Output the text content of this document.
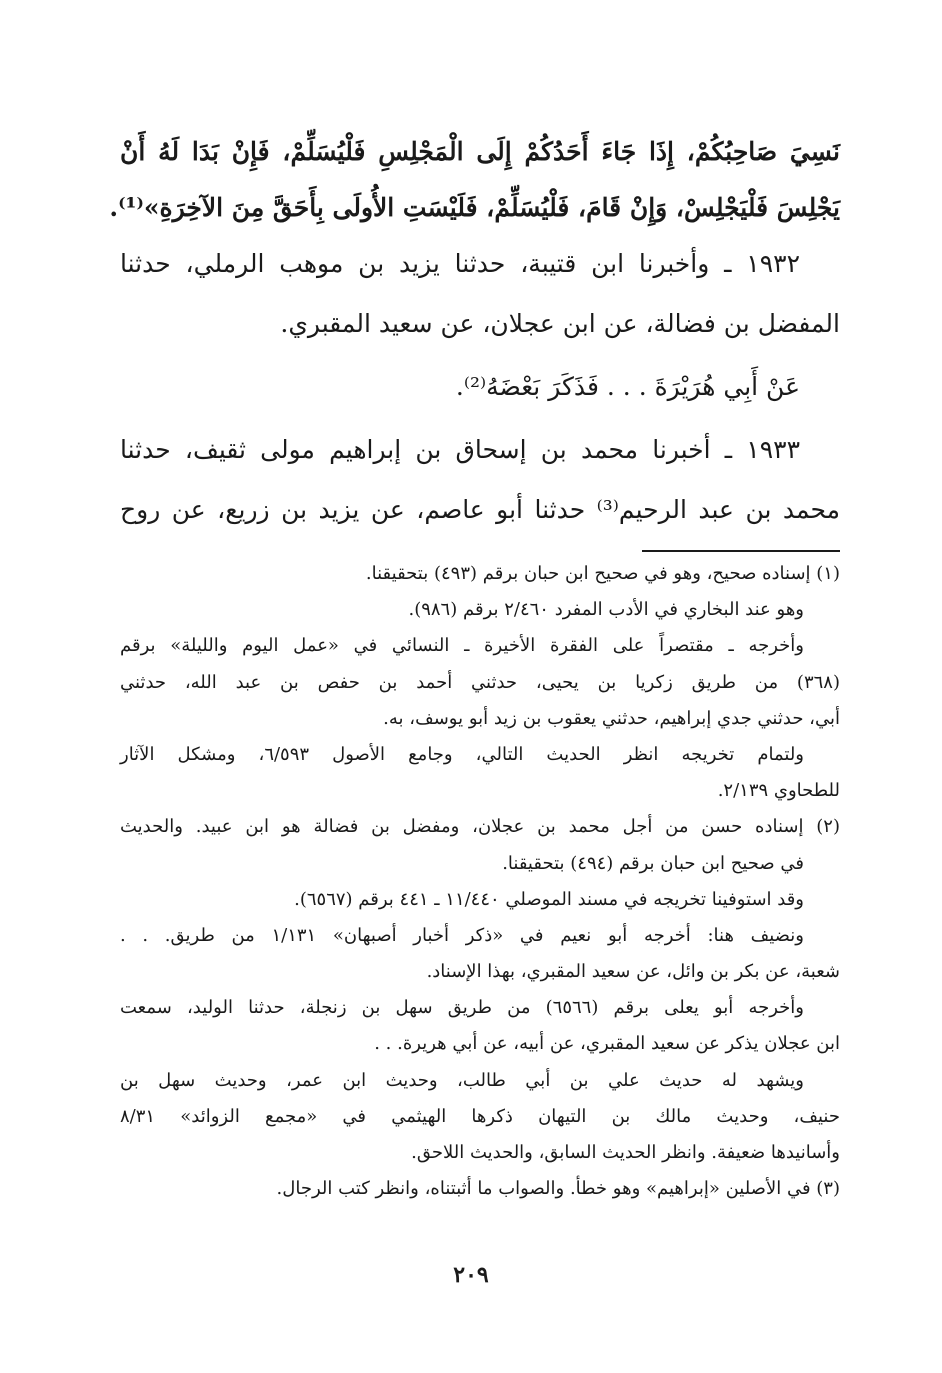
نَسِيَ صَاحِبُكُمْ، إِذَا جَاءَ أَحَدُكُمْ إِلَى الْمَجْلِسِ فَلْيُسَلِّمْ، فَإِنْ بَدَا لَهُ أَنْ
يَجْلِسَ فَلْيَجْلِسْ، وَإِنْ قَامَ، فَلْيُسَلِّمْ، فَلَيْسَتِ الأُولَى بِأَحَقَّ مِنَ الآخِرَةِ»⁽¹⁾.
١٩٣٢ ـ وأخبرنا ابن قتيبة، حدثنا يزيد بن موهب الرملي، حدثنا
المفضل بن فضالة، عن ابن عجلان، عن سعيد المقبري.
عَنْ أَبِي هُرَيْرَةَ . . . فَذَكَرَ بَعْضَهُ⁽²⁾.
١٩٣٣ ـ أخبرنا محمد بن إسحاق بن إبراهيم مولى ثقيف، حدثنا
محمد بن عبد الرحيم⁽³⁾ حدثنا أبو عاصم، عن يزيد بن زريع، عن روح
(١) إسناده صحيح، وهو في صحيح ابن حبان برقم (٤٩٣) بتحقيقنا.
وهو عند البخاري في الأدب المفرد ٢/٤٦٠ برقم (٩٨٦).
وأخرجه ـ مقتصراً على الفقرة الأخيرة ـ النسائي في «عمل اليوم والليلة» برقم
(٣٦٨) من طريق زكريا بن يحيى، حدثني أحمد بن حفص بن عبد الله، حدثني
أبي، حدثني جدي إبراهيم، حدثني يعقوب بن زيد أبو يوسف، به.
ولتمام تخريجه انظر الحديث التالي، وجامع الأصول ٦/٥٩٣، ومشكل الآثار
للطحاوي ٢/١٣٩.
(٢) إسناده حسن من أجل محمد بن عجلان، ومفضل بن فضالة هو ابن عبيد. والحديث
في صحيح ابن حبان برقم (٤٩٤) بتحقيقنا.
وقد استوفينا تخريجه في مسند الموصلي ١١/٤٤٠ ـ ٤٤١ برقم (٦٥٦٧).
ونضيف هنا: أخرجه أبو نعيم في «ذكر أخبار أصبهان» ١/١٣١ من طريق. . .
شعبة، عن بكر بن وائل، عن سعيد المقبري، بهذا الإسناد.
وأخرجه أبو يعلى برقم (٦٥٦٦) من طريق سهل بن زنجلة، حدثنا الوليد، سمعت
ابن عجلان يذكر عن سعيد المقبري، عن أبيه، عن أبي هريرة. . .
ويشهد له حديث علي بن أبي طالب، وحديث ابن عمر، وحديث سهل بن
حنيف، وحديث مالك بن التيهان ذكرها الهيثمي في «مجمع الزوائد» ٨/٣١
وأسانيدها ضعيفة. وانظر الحديث السابق، والحديث اللاحق.
(٣) في الأصلين «إبراهيم» وهو خطأ. والصواب ما أثبتناه، وانظر كتب الرجال.
٢٠٩
